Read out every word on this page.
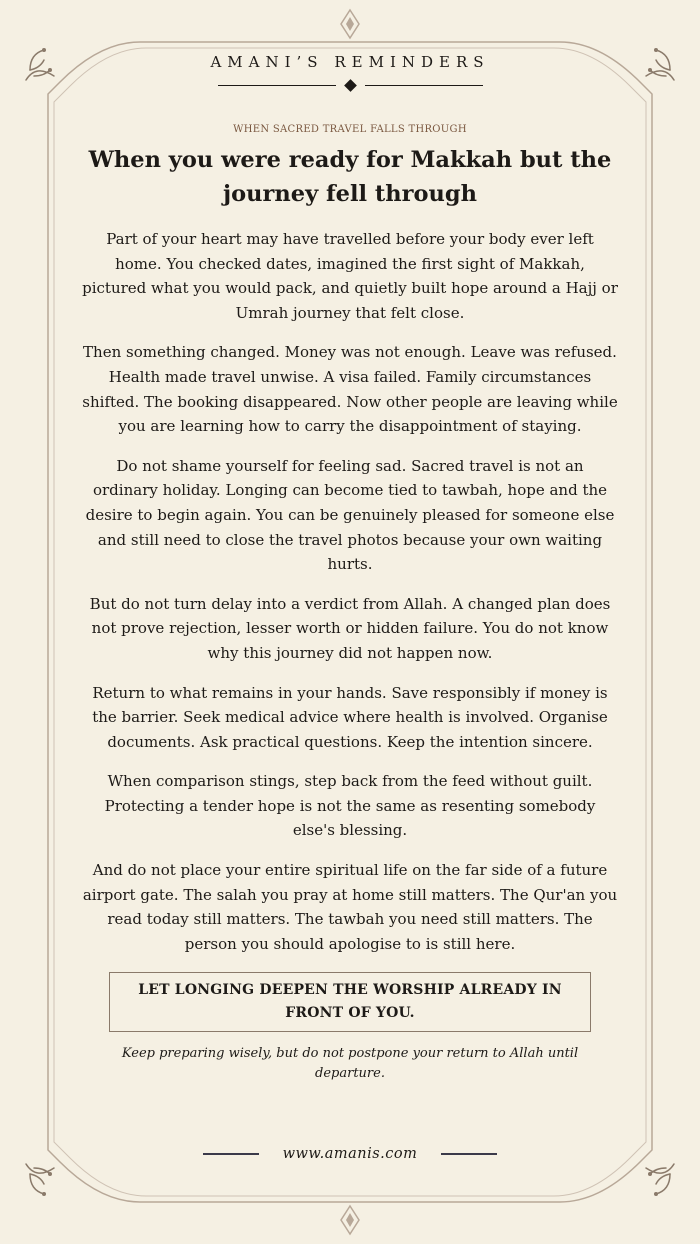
AMANI’S REMINDERS
WHEN SACRED TRAVEL FALLS THROUGH
When you were ready for Makkah but the journey fell through

Part of your heart may have travelled before your body ever left home. You checked dates, imagined the first sight of Makkah, pictured what you would pack, and quietly built hope around a Hajj or Umrah journey that felt close.

Then something changed. Money was not enough. Leave was refused. Health made travel unwise. A visa failed. Family circumstances shifted. The booking disappeared. Now other people are leaving while you are learning how to carry the disappointment of staying.

Do not shame yourself for feeling sad. Sacred travel is not an ordinary holiday. Longing can become tied to tawbah, hope and the desire to begin again. You can be genuinely pleased for someone else and still need to close the travel photos because your own waiting hurts.

But do not turn delay into a verdict from Allah. A changed plan does not prove rejection, lesser worth or hidden failure. You do not know why this journey did not happen now.

Return to what remains in your hands. Save responsibly if money is the barrier. Seek medical advice where health is involved. Organise documents. Ask practical questions. Keep the intention sincere.

When comparison stings, step back from the feed without guilt. Protecting a tender hope is not the same as resenting somebody else's blessing.

And do not place your entire spiritual life on the far side of a future airport gate. The salah you pray at home still matters. The Qur'an you read today still matters. The tawbah you need still matters. The person you should apologise to is still here.

LET LONGING DEEPEN THE WORSHIP ALREADY IN FRONT OF YOU.

Keep preparing wisely, but do not postpone your return to Allah until departure.

www.amanis.com
